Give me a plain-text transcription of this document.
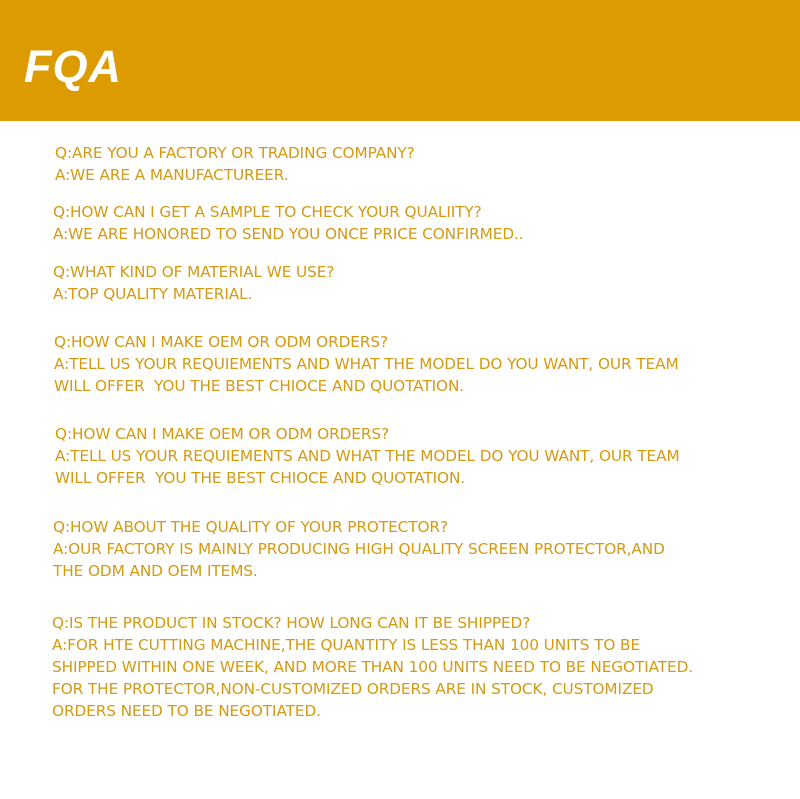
FQA
Q:ARE YOU A FACTORY OR TRADING COMPANY?
A:WE ARE A MANUFACTUREER.
Q:HOW CAN I GET A SAMPLE TO CHECK YOUR QUALIITY?
A:WE ARE HONORED TO SEND YOU ONCE PRICE CONFIRMED..
Q:WHAT KIND OF MATERIAL WE USE?
A:TOP QUALITY MATERIAL.
Q:HOW CAN I MAKE OEM OR ODM ORDERS?
A:TELL US YOUR REQUIEMENTS AND WHAT THE MODEL DO YOU WANT, OUR TEAM
WILL OFFER  YOU THE BEST CHIOCE AND QUOTATION.
Q:HOW CAN I MAKE OEM OR ODM ORDERS?
A:TELL US YOUR REQUIEMENTS AND WHAT THE MODEL DO YOU WANT, OUR TEAM
WILL OFFER  YOU THE BEST CHIOCE AND QUOTATION.
Q:HOW ABOUT THE QUALITY OF YOUR PROTECTOR?
A:OUR FACTORY IS MAINLY PRODUCING HIGH QUALITY SCREEN PROTECTOR,AND
THE ODM AND OEM ITEMS.
Q:IS THE PRODUCT IN STOCK? HOW LONG CAN IT BE SHIPPED?
A:FOR HTE CUTTING MACHINE,THE QUANTITY IS LESS THAN 100 UNITS TO BE
SHIPPED WITHIN ONE WEEK, AND MORE THAN 100 UNITS NEED TO BE NEGOTIATED.
FOR THE PROTECTOR,NON-CUSTOMIZED ORDERS ARE IN STOCK, CUSTOMIZED
ORDERS NEED TO BE NEGOTIATED.
